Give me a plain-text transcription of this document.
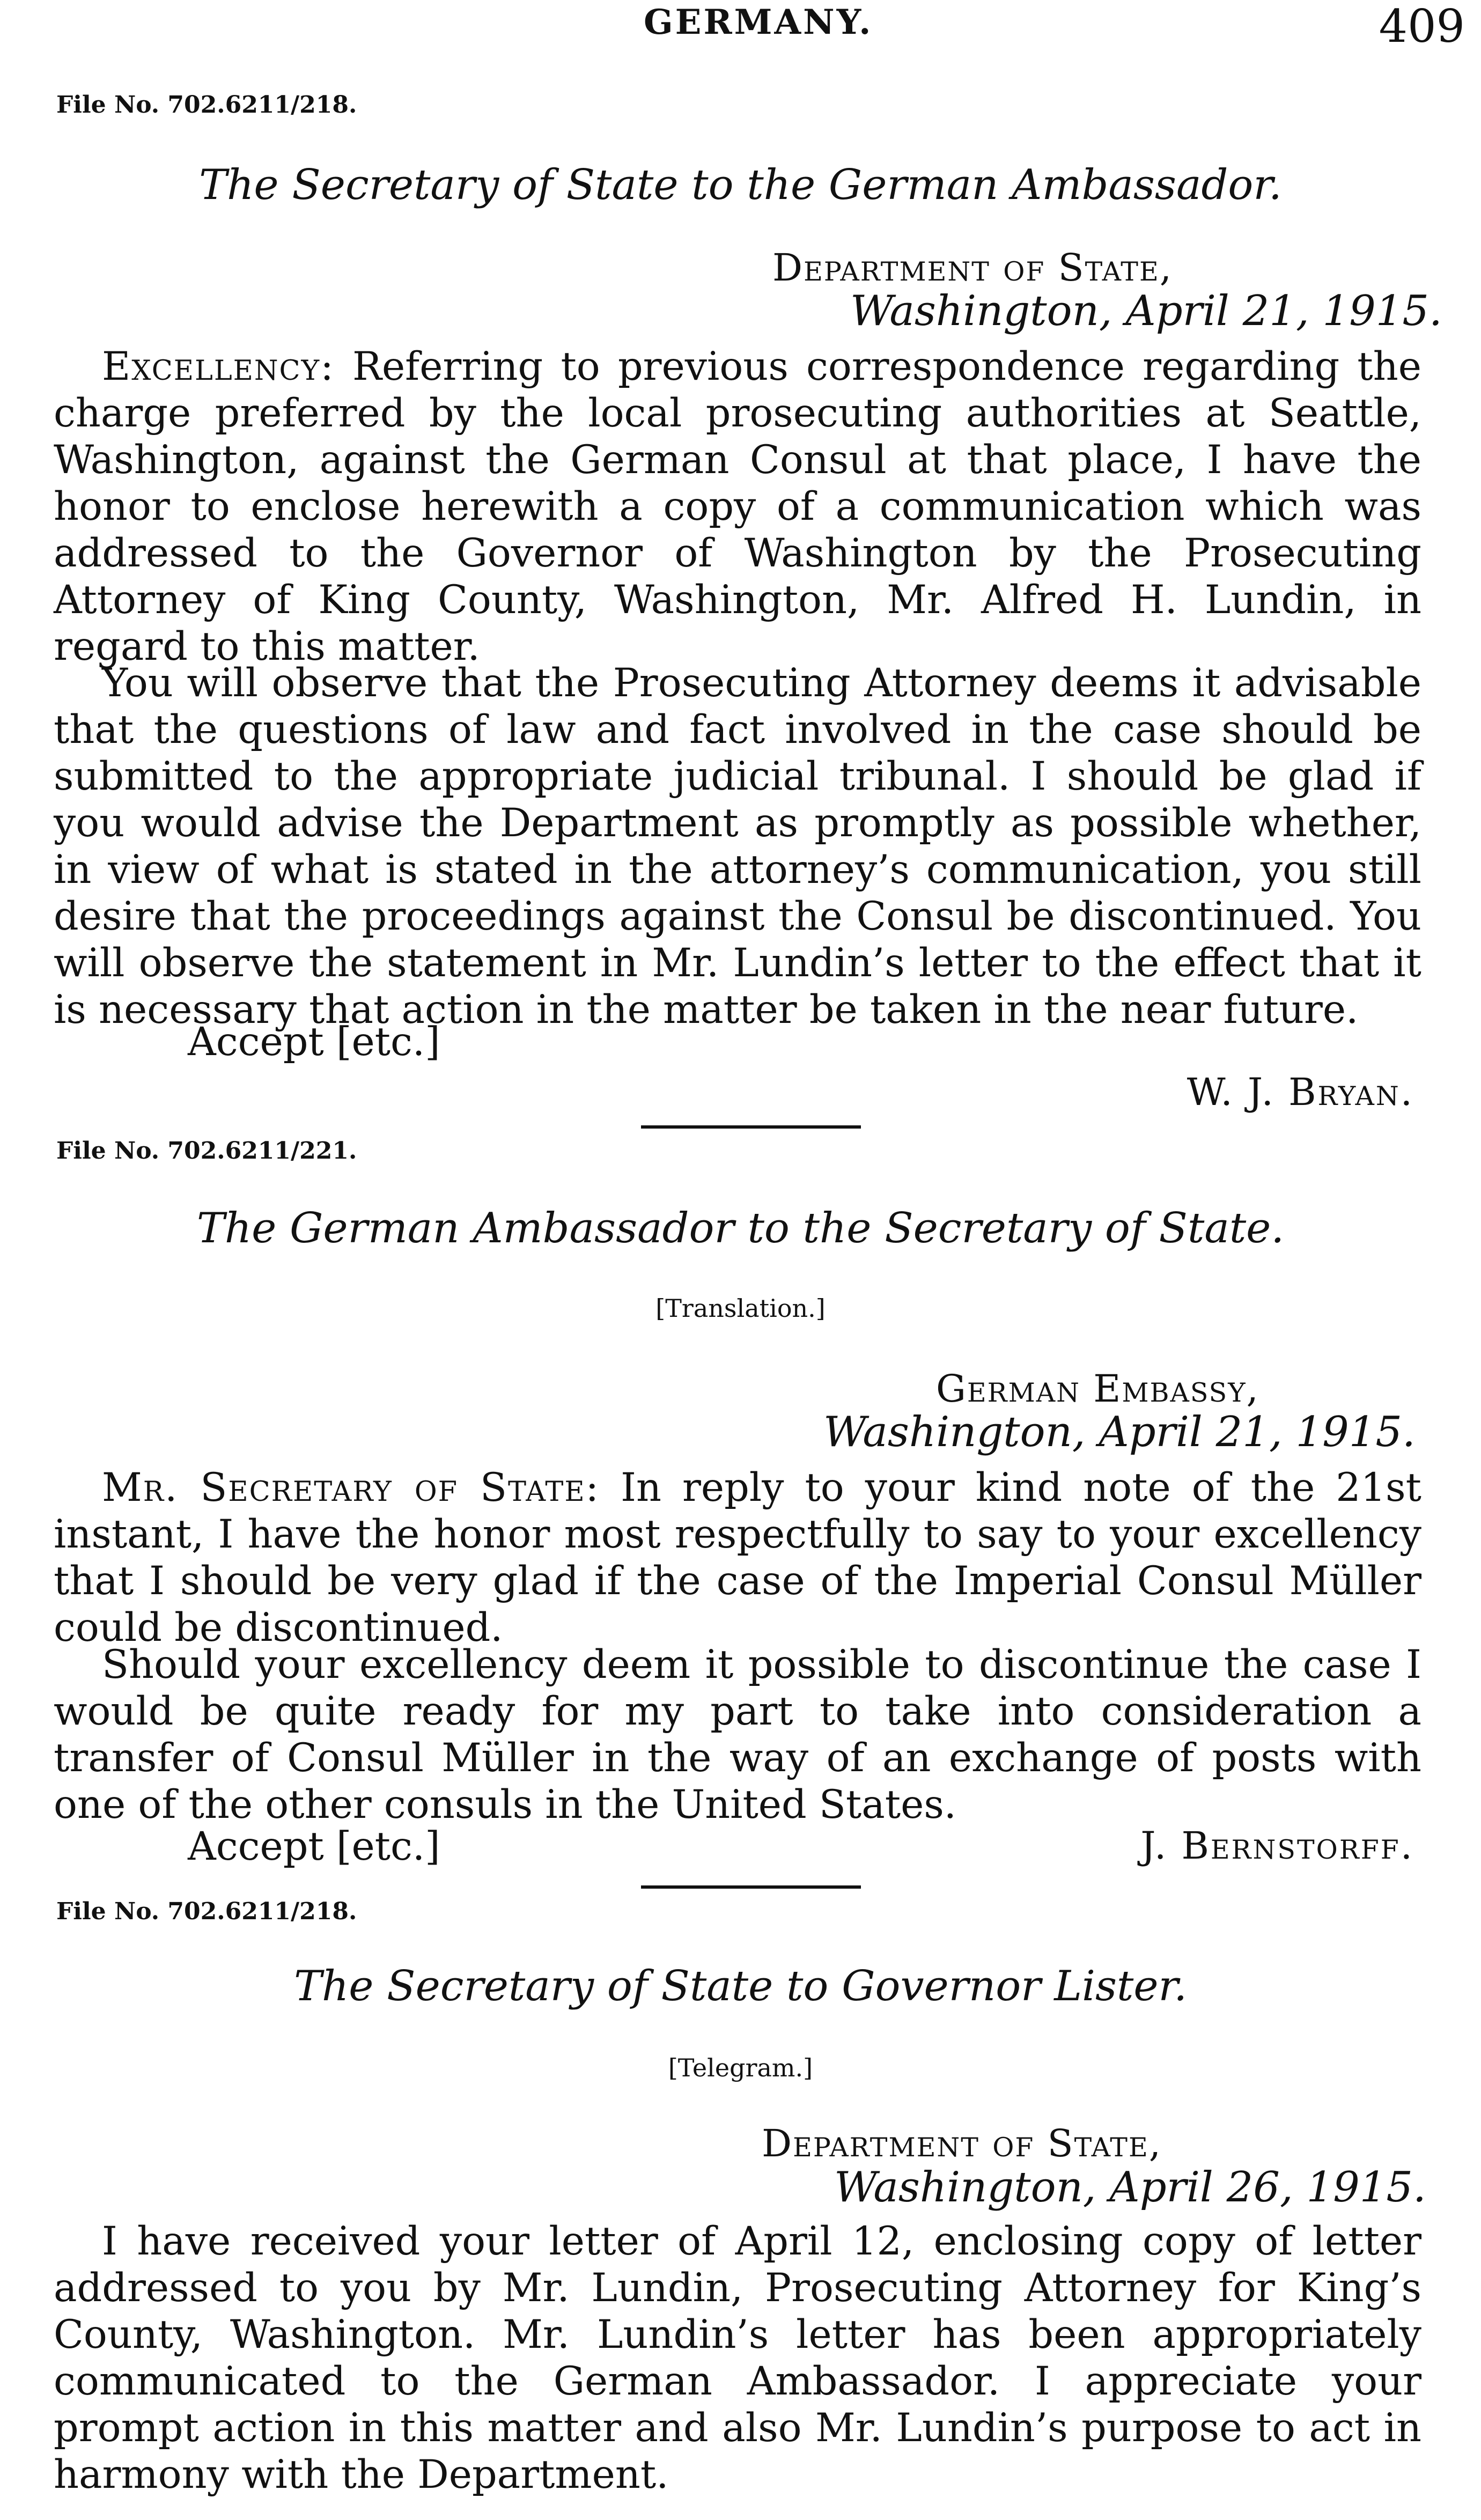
GERMANY.	409
File No. 702.6211/218.
The Secretary of State to the German Ambassador.
Department of State,
Washington, April 21, 1915.

Excellency: Referring to previous correspondence regarding the charge preferred by the local prosecuting authorities at Seattle, Washington, against the German Consul at that place, I have the honor to enclose herewith a copy of a communication which was addressed to the Governor of Washington by the Prosecuting Attorney of King County, Washington, Mr. Alfred H. Lundin, in regard to this matter.

You will observe that the Prosecuting Attorney deems it advisable that the questions of law and fact involved in the case should be submitted to the appropriate judicial tribunal. I should be glad if you would advise the Department as promptly as possible whether, in view of what is stated in the attorney’s communication, you still desire that the proceedings against the Consul be discontinued. You will observe the statement in Mr. Lundin’s letter to the effect that it is necessary that action in the matter be taken in the near future.

Accept [etc.]
W. J. Bryan.
File No. 702.6211/221.
The German Ambassador to the Secretary of State.
[Translation.]
German Embassy,
Washington, April 21, 1915.

Mr. Secretary of State: In reply to your kind note of the 21st instant, I have the honor most respectfully to say to your excellency that I should be very glad if the case of the Imperial Consul Müller could be discontinued.

Should your excellency deem it possible to discontinue the case I would be quite ready for my part to take into consideration a transfer of Consul Müller in the way of an exchange of posts with one of the other consuls in the United States.

Accept [etc.]	J. Bernstorff.
File No. 702.6211/218.
The Secretary of State to Governor Lister.
[Telegram.]
Department of State,
Washington, April 26, 1915.

I have received your letter of April 12, enclosing copy of letter addressed to you by Mr. Lundin, Prosecuting Attorney for King’s County, Washington. Mr. Lundin’s letter has been appropriately communicated to the German Ambassador. I appreciate your prompt action in this matter and also Mr. Lundin’s purpose to act in harmony with the Department.
